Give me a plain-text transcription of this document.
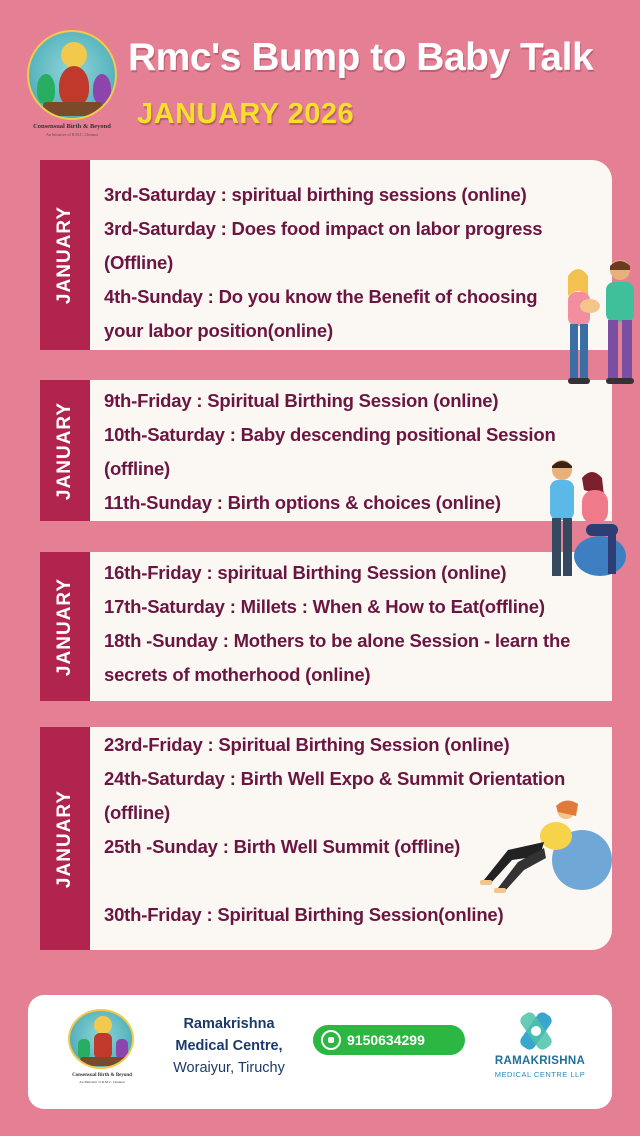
Consensual Birth & Beyond
An Initiative of R.M.C. Chennai
Rmc's Bump to Baby Talk
JANUARY 2026
JANUARY
JANUARY
JANUARY
JANUARY

3rd-Saturday : spiritual birthing sessions (online)

3rd-Saturday : Does food impact on labor progress

(Offline)

4th-Sunday : Do you know the Benefit of choosing

your labor position(online)

9th-Friday : Spiritual Birthing Session (online)

10th-Saturday : Baby descending positional Session

(offline)

11th-Sunday : Birth options & choices (online)

16th-Friday : spiritual Birthing Session (online)

17th-Saturday : Millets : When & How to Eat(offline)

18th -Sunday : Mothers to be alone Session - learn the

secrets of motherhood (online)

23rd-Friday : Spiritual Birthing Session (online)

24th-Saturday : Birth Well Expo & Summit Orientation

(offline)

25th -Sunday : Birth Well Summit (offline)

30th-Friday : Spiritual Birthing Session(online)

Consensual Birth & Beyond
An Initiative of R.M.C. Chennai
Ramakrishna
Medical Centre,
Woraiyur, Tiruchy
9150634299
RAMAKRISHNA
MEDICAL CENTRE LLP
